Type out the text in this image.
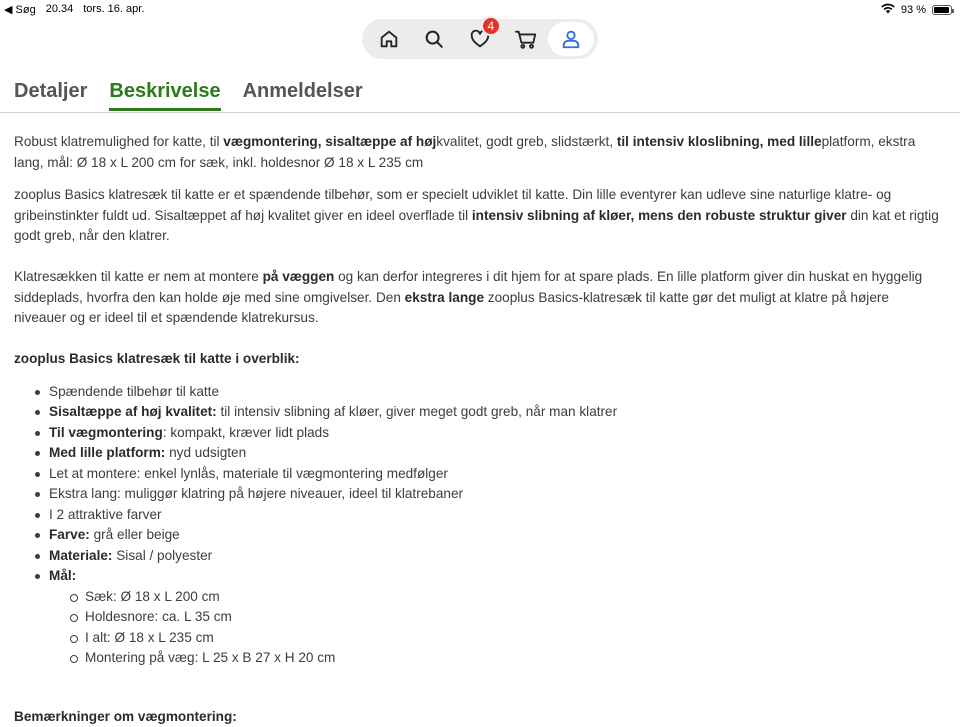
◀ Søg 20.34 tors. 16. apr.	93 %
4
Detaljer Beskrivelse Anmeldelser

Robust klatremulighed for katte, til vægmontering, sisaltæppe af højkvalitet, godt greb, slidstærkt, til intensiv kloslibning, med lilleplatform, ekstra lang, mål: Ø 18 x L 200 cm for sæk, inkl. holdesnor Ø 18 x L 235 cm

zooplus Basics klatresæk til katte er et spændende tilbehør, som er specielt udviklet til katte. Din lille eventyrer kan udleve sine naturlige klatre- og gribeinstinkter fuldt ud. Sisaltæppet af høj kvalitet giver en ideel overflade til intensiv slibning af kløer, mens den robuste struktur giver din kat et rigtig godt greb, når den klatrer.

Klatresækken til katte er nem at montere på væggen og kan derfor integreres i dit hjem for at spare plads. En lille platform giver din huskat en hyggelig siddeplads, hvorfra den kan holde øje med sine omgivelser. Den ekstra lange zooplus Basics-klatresæk til katte gør det muligt at klatre på højere niveauer og er ideel til et spændende klatrekursus.

zooplus Basics klatresæk til katte i overblik:
Spændende tilbehør til katte
Sisaltæppe af høj kvalitet: til intensiv slibning af kløer, giver meget godt greb, når man klatrer
Til vægmontering: kompakt, kræver lidt plads
Med lille platform: nyd udsigten
Let at montere: enkel lynlås, materiale til vægmontering medfølger
Ekstra lang: muliggør klatring på højere niveauer, ideel til klatrebaner
I 2 attraktive farver
Farve: grå eller beige
Materiale: Sisal / polyester
Mål:
Sæk: Ø 18 x L 200 cm
Holdesnore: ca. L 35 cm
I alt: Ø 18 x L 235 cm
Montering på væg: L 25 x B 27 x H 20 cm
Bemærkninger om vægmontering:
